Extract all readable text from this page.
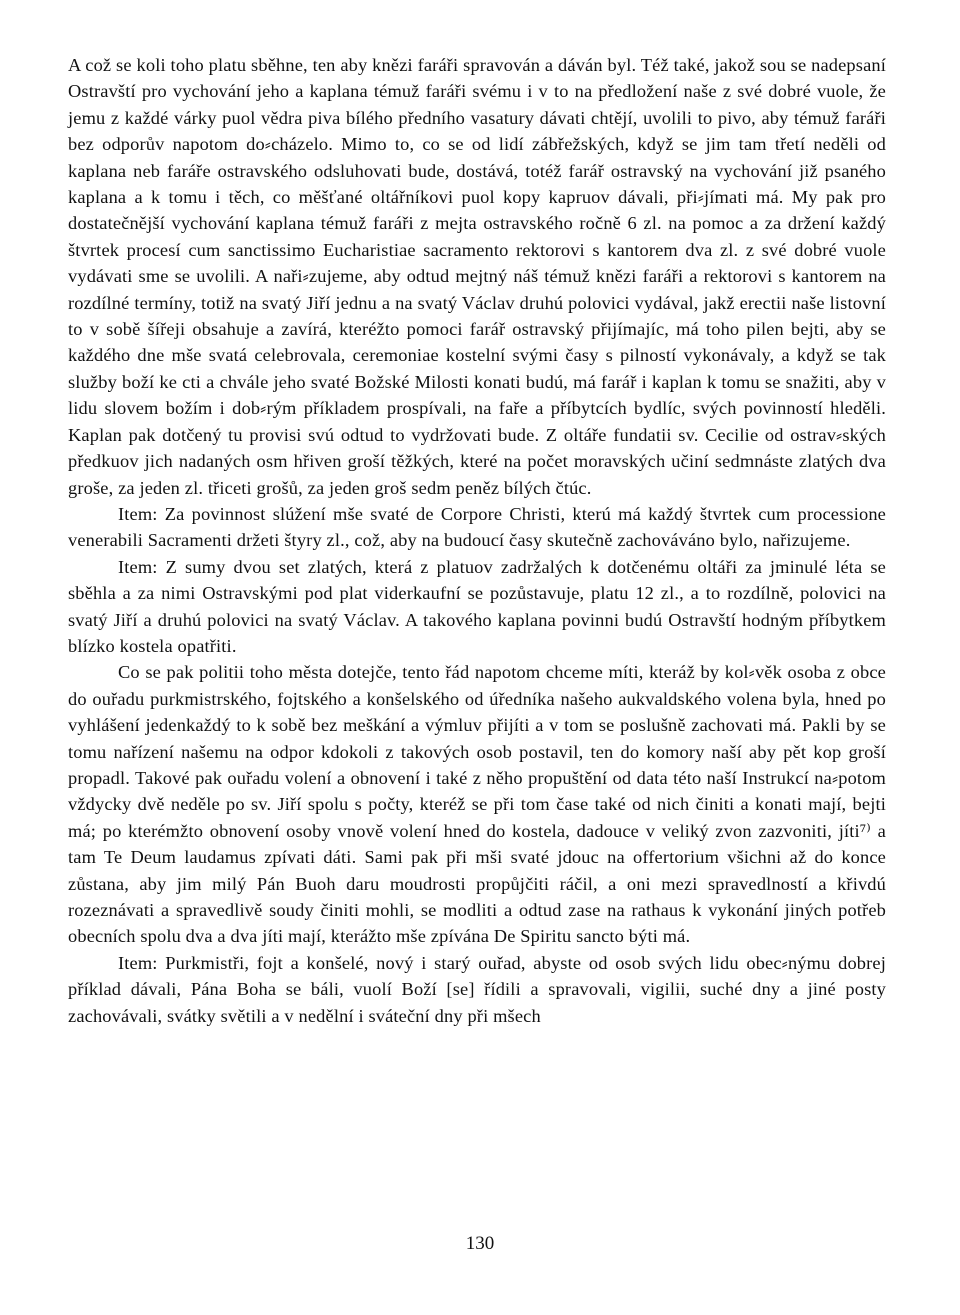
A což se koli toho platu sběhne, ten aby knězi faráři spravován a dáván byl. Též také, jakož sou se nadepsaní Ostravští pro vychování jeho a kaplana témuž faráři svému i v to na předložení naše z své dobré vuole, že jemu z každé várky puol vědra piva bílého předního vasatury dávati chtějí, uvolili to pivo, aby témuž faráři bez odporův napotom do⸗cházelo. Mimo to, co se od lidí zábřežských, když se jim tam třetí neděli od kaplana neb faráře ostravského odsluhovati bude, dostává, totéž farář ostravský na vychování již psaného kaplana a k tomu i těch, co měšťané oltářníkovi puol kopy kapruov dávali, při⸗jímati má. My pak pro dostatečnější vychování kaplana témuž faráři z mejta ostravského ročně 6 zl. na pomoc a za držení každý štvrtek procesí cum sanctissimo Eucharistiae sacramento rektorovi s kantorem dva zl. z své dobré vuole vydávati sme se uvolili. A naři⸗zujeme, aby odtud mejtný náš témuž knězi faráři a rektorovi s kantorem na rozdílné termíny, totiž na svatý Jiří jednu a na svatý Václav druhú polovici vydával, jakž erectii naše listovní to v sobě šířeji obsahuje a zavírá, kteréžto pomoci farář ostravský přijímajíc, má toho pilen bejti, aby se každého dne mše svatá celebrovala, ceremoniae kostelní svými časy s pilností vykonávaly, a když se tak služby boží ke cti a chvále jeho svaté Božské Milosti konati budú, má farář i kaplan k tomu se snažiti, aby v lidu slovem božím i dob⸗rým příkladem prospívali, na faře a příbytcích bydlíc, svých povinností hleděli. Kaplan pak dotčený tu provisi svú odtud to vydržovati bude. Z oltáře fundatii sv. Cecilie od ostrav⸗ských předkuov jich nadaných osm hřiven groší těžkých, které na počet moravských učiní sedmnáste zlatých dva groše, za jeden zl. třiceti grošů, za jeden groš sedm peněz bílých čtúc.

Item: Za povinnost slúžení mše svaté de Corpore Christi, kterú má každý štvrtek cum processione venerabili Sacramenti držeti štyry zl., což, aby na budoucí časy skutečně zachováváno bylo, nařizujeme.

Item: Z sumy dvou set zlatých, která z platuov zadržalých k dotčenému oltáři za jminulé léta se sběhla a za nimi Ostravskými pod plat viderkaufní se pozůstavuje, platu 12 zl., a to rozdílně, polovici na svatý Jiří a druhú polovici na svatý Václav. A takového kaplana povinni budú Ostravští hodným příbytkem blízko kostela opatřiti.

Co se pak politii toho města dotejče, tento řád napotom chceme míti, kteráž by kol⸗věk osoba z obce do ouřadu purkmistrského, fojtského a konšelského od úředníka našeho aukvaldského volena byla, hned po vyhlášení jedenkaždý to k sobě bez meškání a výmluv přijíti a v tom se poslušně zachovati má. Pakli by se tomu nařízení našemu na odpor kdokoli z takových osob postavil, ten do komory naší aby pět kop groší propadl. Takové pak ouřadu volení a obnovení i také z něho propuštění od data této naší Instrukcí na⸗potom vždycky dvě neděle po sv. Jiří spolu s počty, kteréž se při tom čase také od nich činiti a konati mají, bejti má; po kterémžto obnovení osoby vnově volení hned do kostela, dadouce v veliký zvon zazvoniti, jíti⁷⁾ a tam Te Deum laudamus zpívati dáti. Sami pak při mši svaté jdouc na offertorium všichni až do konce zůstana, aby jim milý Pán Buoh daru moudrosti propůjčiti ráčil, a oni mezi spravedlností a křivdú rozeznávati a spravedlivě soudy činiti mohli, se modliti a odtud zase na rathaus k vykonání jiných potřeb obecních spolu dva a dva jíti mají, kterážto mše zpívána De Spiritu sancto býti má.

Item: Purkmistři, fojt a konšelé, nový i starý ouřad, abyste od osob svých lidu obec⸗nýmu dobrej příklad dávali, Pána Boha se báli, vuolí Boží [se] řídili a spravovali, vigilii, suché dny a jiné posty zachovávali, svátky světili a v nedělní i sváteční dny při mšech

130
